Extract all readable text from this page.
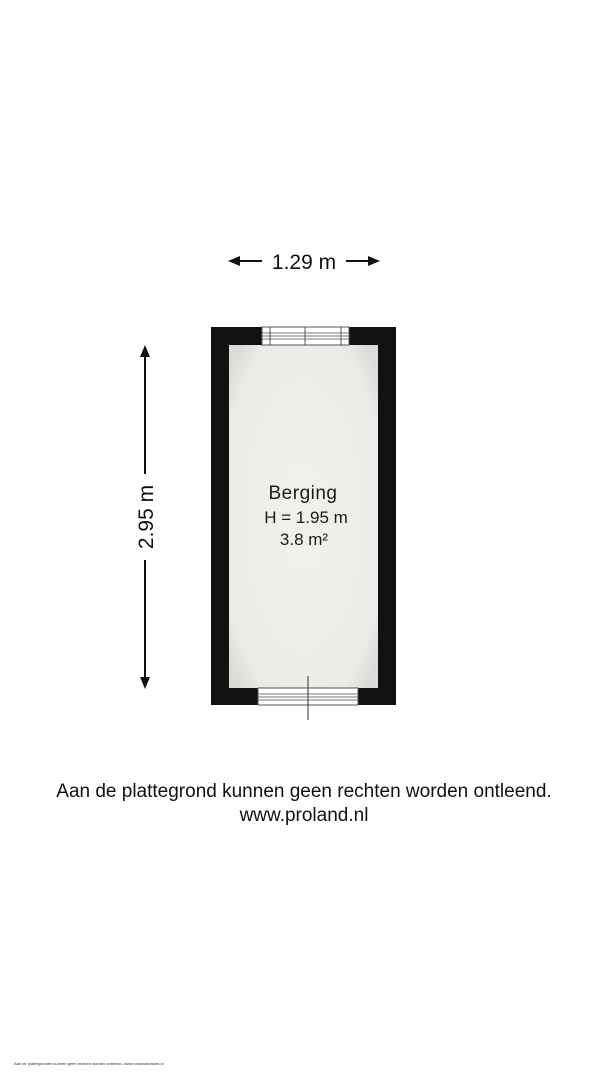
1.29 m
2.95 m	Berging
H = 1.95 m
3.8 m²
Aan de plattegrond kunnen geen rechten worden ontleend.
www.proland.nl
Aan de plattegronden kunnen geen rechten worden ontleend. www.rossmakelaars.nl
